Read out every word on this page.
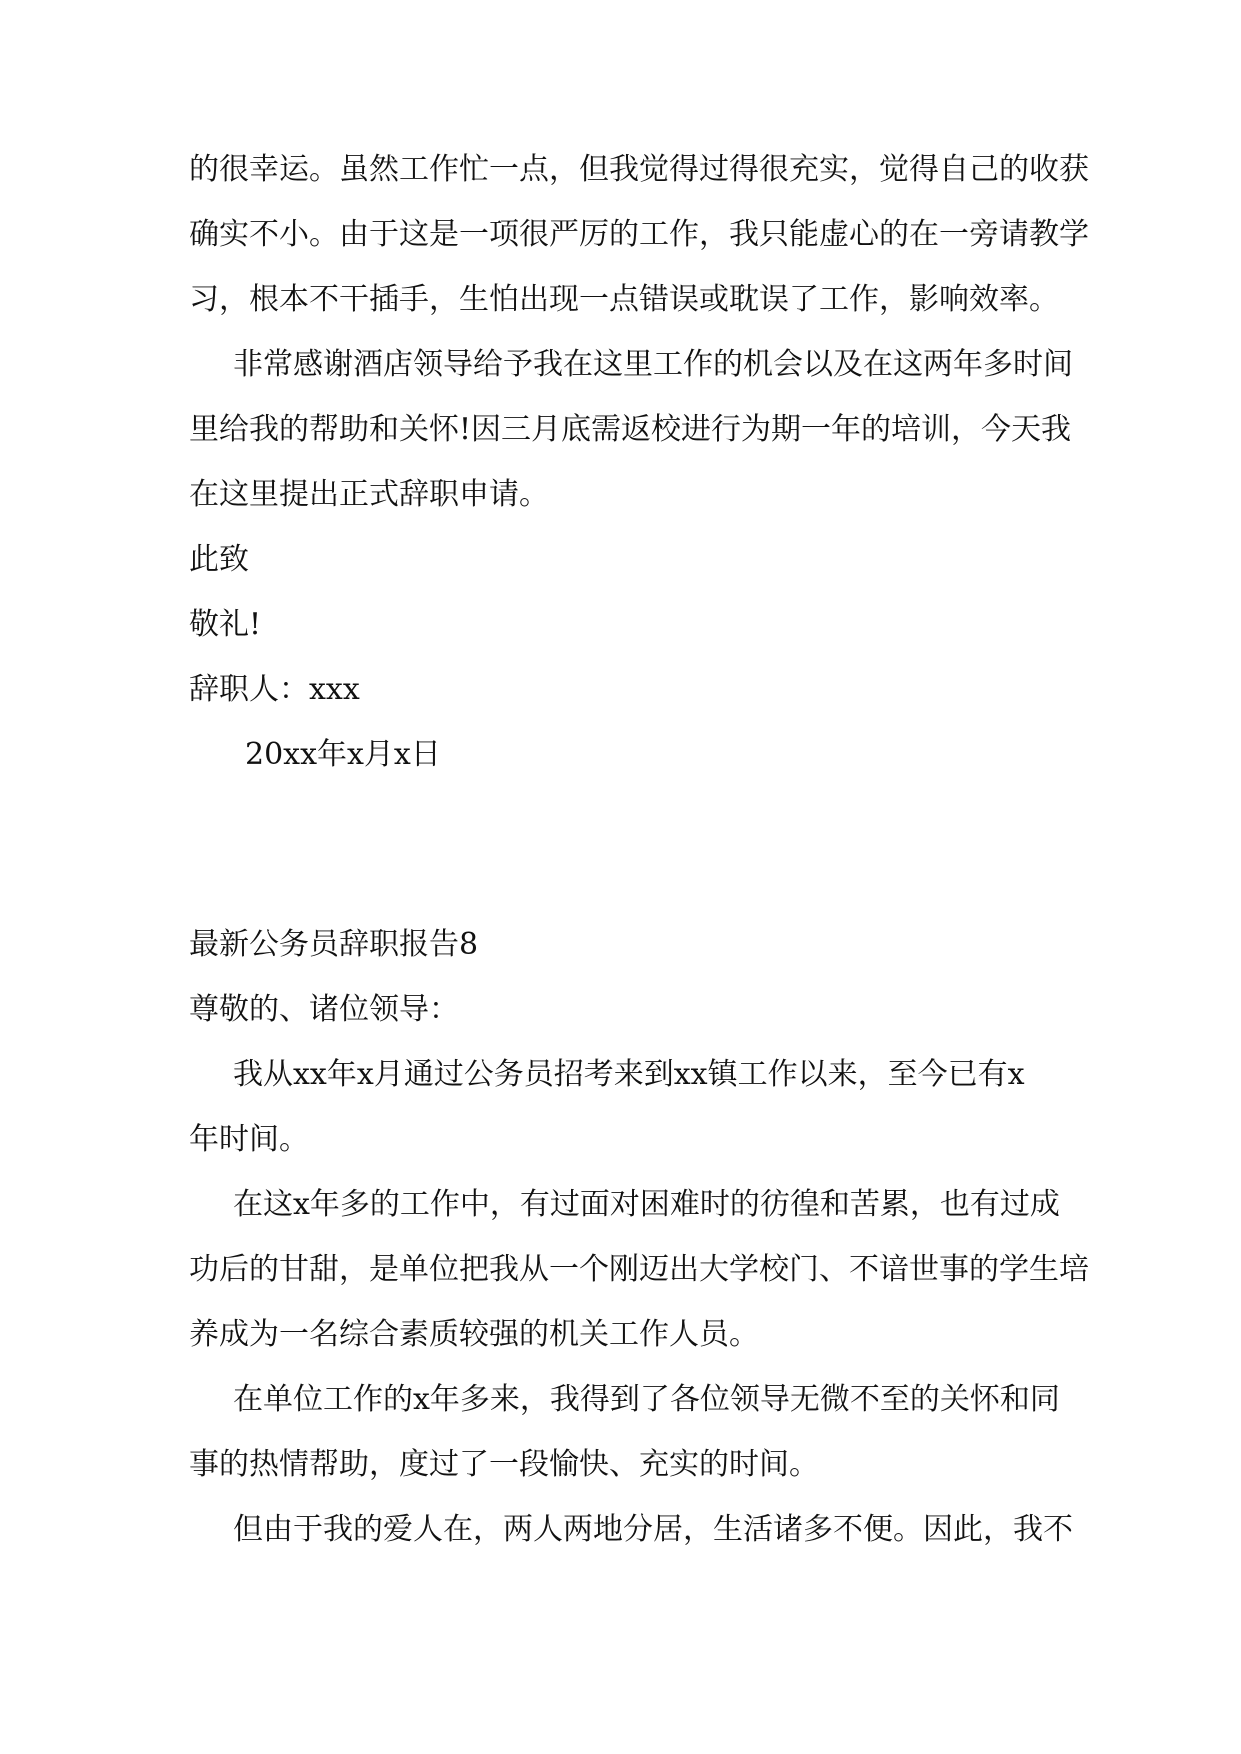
的很幸运。虽然工作忙一点，但我觉得过得很充实，觉得自己的收获
确实不小。由于这是一项很严厉的工作，我只能虚心的在一旁请教学
习，根本不干插手，生怕出现一点错误或耽误了工作，影响效率。
非常感谢酒店领导给予我在这里工作的机会以及在这两年多时间
里给我的帮助和关怀!因三月底需返校进行为期一年的培训，今天我
在这里提出正式辞职申请。
此致
敬礼!
辞职人：xxx
20xx年x月x日
最新公务员辞职报告8
尊敬的、诸位领导：
我从xx年x月通过公务员招考来到xx镇工作以来，至今已有x
年时间。
在这x年多的工作中，有过面对困难时的彷徨和苦累，也有过成
功后的甘甜，是单位把我从一个刚迈出大学校门、不谙世事的学生培
养成为一名综合素质较强的机关工作人员。
在单位工作的x年多来，我得到了各位领导无微不至的关怀和同
事的热情帮助，度过了一段愉快、充实的时间。
但由于我的爱人在，两人两地分居，生活诸多不便。因此，我不
